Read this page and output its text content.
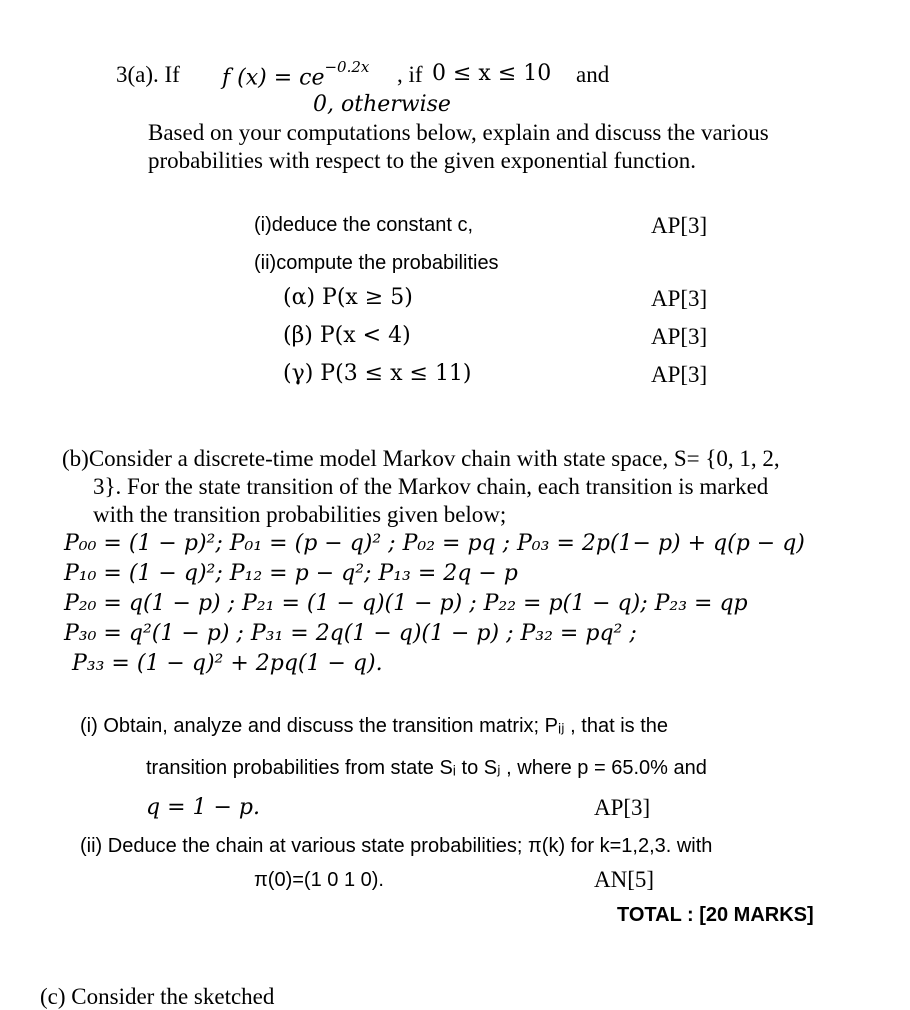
3(a). If f $(x) = ce^{-0.2x}$ , if 0 ≤ x ≤ 10 and
0, otherwise
Based on your computations below, explain and discuss the various
probabilities with respect to the given exponential function.
(i)deduce the constant c,	AP[3]
(ii)compute the probabilities
(α) P(x ≥ 5)	AP[3]
(β) P(x < 4)	AP[3]
(γ) P(3 ≤ x ≤ 11)	AP[3]
(b)Consider a discrete-time model Markov chain with state space, S= {0, 1, 2,
3}. For the state transition of the Markov chain, each transition is marked
with the transition probabilities given below;
P₀₀ = (1 − p)²; P₀₁ = (p − q)² ; P₀₂ = pq ; P₀₃ = 2p(1− p) + q(p − q)
P₁₀ = (1 − q)²; P₁₂ = p − q²; P₁₃ = 2q − p
P₂₀ = q(1 − p) ; P₂₁ = (1 − q)(1 − p) ; P₂₂ = p(1 − q); P₂₃ = qp
P₃₀ = q²(1 − p) ; P₃₁ = 2q(1 − q)(1 − p) ; P₃₂ = pq² ;
P₃₃ = (1 − q)² + 2pq(1 − q).
(i) Obtain, analyze and discuss the transition matrix; Pᵢⱼ , that is the
transition probabilities from state Sᵢ to Sⱼ , where p = 65.0% and
q = 1 − p.	AP[3]
(ii) Deduce the chain at various state probabilities; π(k) for k=1,2,3. with
π(0)=(1 0 1 0).	AN[5]
TOTAL : [20 MARKS]
(c) Consider the sketched
